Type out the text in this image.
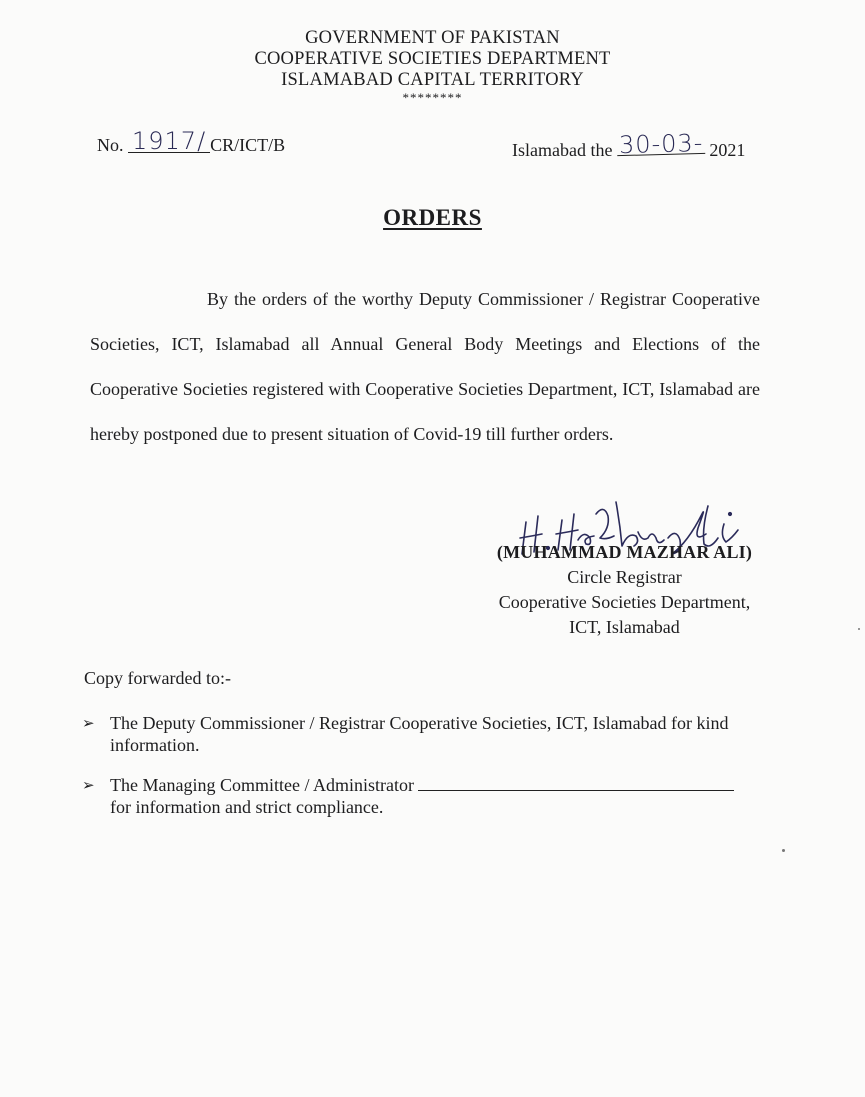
GOVERNMENT OF PAKISTAN
COOPERATIVE SOCIETIES DEPARTMENT
ISLAMABAD CAPITAL TERRITORY
********
No. 1917/ CR/ICT/B	Islamabad the 30-03- 2021
ORDERS
By the orders of the worthy Deputy Commissioner / Registrar Cooperative Societies, ICT, Islamabad all Annual General Body Meetings and Elections of the Cooperative Societies registered with Cooperative Societies Department, ICT, Islamabad are hereby postponed due to present situation of Covid-19 till further orders.
(MUHAMMAD MAZHAR ALI)
Circle Registrar
Cooperative Societies Department,
ICT, Islamabad
Copy forwarded to:-
➢ The Deputy Commissioner / Registrar Cooperative Societies, ICT, Islamabad for kind information.
➢ The Managing Committee / Administrator
for information and strict compliance.
